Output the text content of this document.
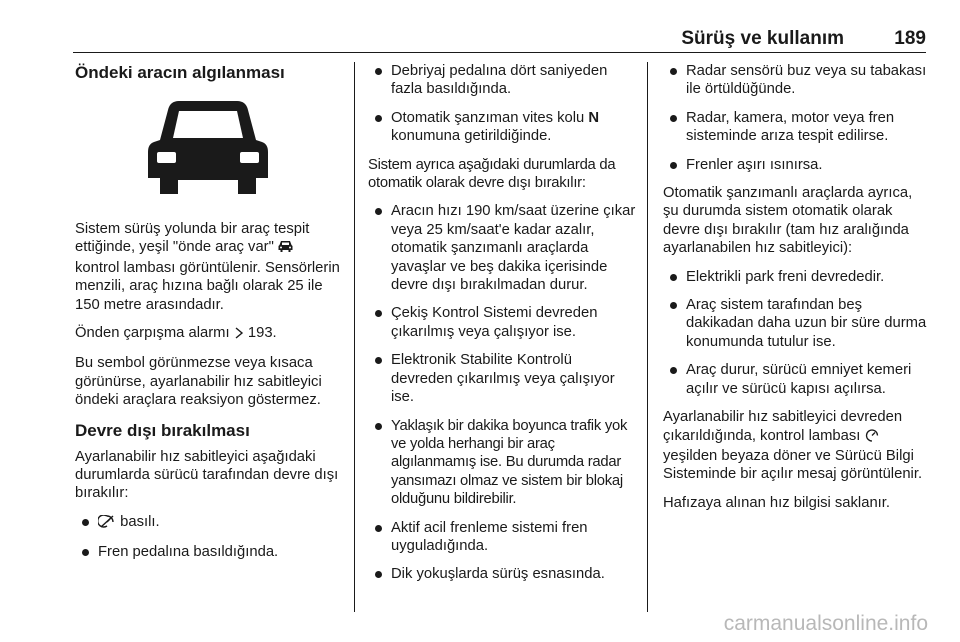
Sürüş ve kullanım	189
Öndeki aracın algılanması

Sistem sürüş yolunda bir araç tespit ettiğinde, yeşil "önde araç var"  kontrol lambası görüntülenir. Sensörlerin menzili, araç hızına bağlı olarak 25 ile 150 metre arasındadır.

Önden çarpışma alarmı 193.

Bu sembol görünmezse veya kısaca görünürse, ayarlanabilir hız sabitleyici öndeki araçlara reaksiyon göstermez.

Devre dışı bırakılması

Ayarlanabilir hız sabitleyici aşağıdaki durumlarda sürücü tarafından devre dışı bırakılır:

basılı.
Fren pedalına basıldığında.
Debriyaj pedalına dört saniyeden fazla basıldığında.
Otomatik şanzıman vites kolu N konumuna getirildiğinde.

Sistem ayrıca aşağıdaki durumlarda da otomatik olarak devre dışı bırakılır:

Aracın hızı 190 km/saat üzerine çıkar veya 25 km/saat'e kadar azalır, otomatik şanzımanlı araçlarda yavaşlar ve beş dakika içerisinde devre dışı bırakılmadan durur.
Çekiş Kontrol Sistemi devreden çıkarılmış veya çalışıyor ise.
Elektronik Stabilite Kontrolü devreden çıkarılmış veya çalışıyor ise.
Yaklaşık bir dakika boyunca trafik yok ve yolda herhangi bir araç algılanmamış ise. Bu durumda radar yansımazı olmaz ve sistem bir blokaj olduğunu bildirebilir.
Aktif acil frenleme sistemi fren uyguladığında.
Dik yokuşlarda sürüş esnasında.
Radar sensörü buz veya su tabakası ile örtüldüğünde.
Radar, kamera, motor veya fren sisteminde arıza tespit edilirse.
Frenler aşırı ısınırsa.

Otomatik şanzımanlı araçlarda ayrıca, şu durumda sistem otomatik olarak devre dışı bırakılır (tam hız aralığında ayarlanabilen hız sabitleyici):

Elektrikli park freni devrededir.
Araç sistem tarafından beş dakikadan daha uzun bir süre durma konumunda tutulur ise.
Araç durur, sürücü emniyet kemeri açılır ve sürücü kapısı açılırsa.

Ayarlanabilir hız sabitleyici devreden çıkarıldığında, kontrol lambası  yeşilden beyaza döner ve Sürücü Bilgi Sisteminde bir açılır mesaj görüntülenir.

Hafızaya alınan hız bilgisi saklanır.

carmanualsonline.info
